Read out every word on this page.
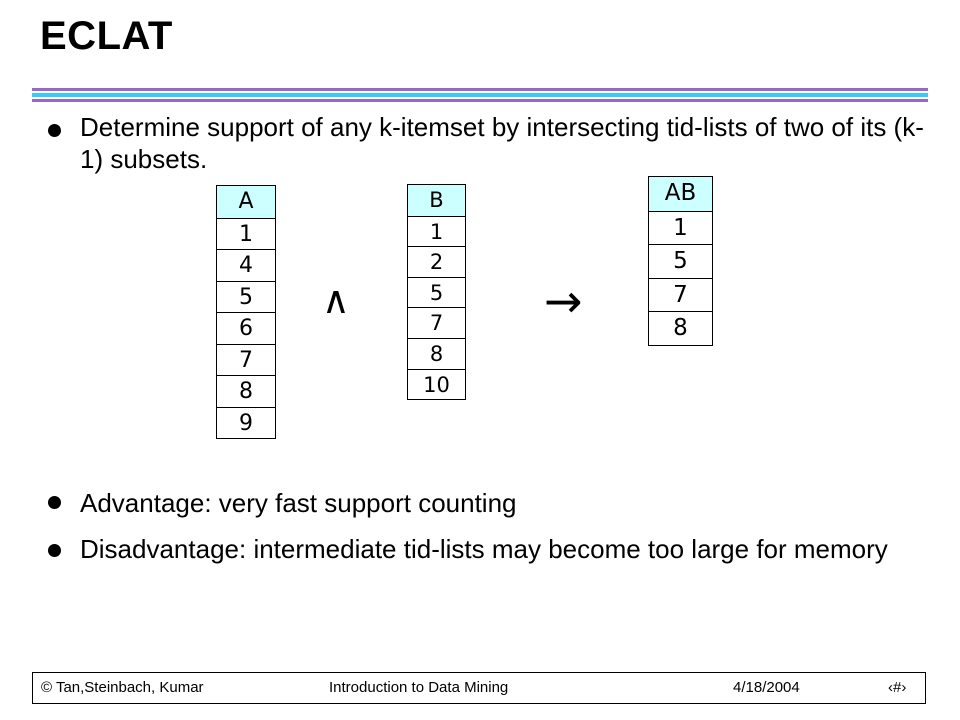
ECLAT
Determine support of any k-itemset by intersecting tid-lists of two of its (k-1) subsets.
A
1
4
5
6
7
8
9
∧
B
1
2
5
7
8
10
→
AB
1
5
7
8
Advantage: very fast support counting
Disadvantage: intermediate tid-lists may become too large for memory
© Tan,Steinbach, Kumar	Introduction to Data Mining	4/18/2004	‹#›
